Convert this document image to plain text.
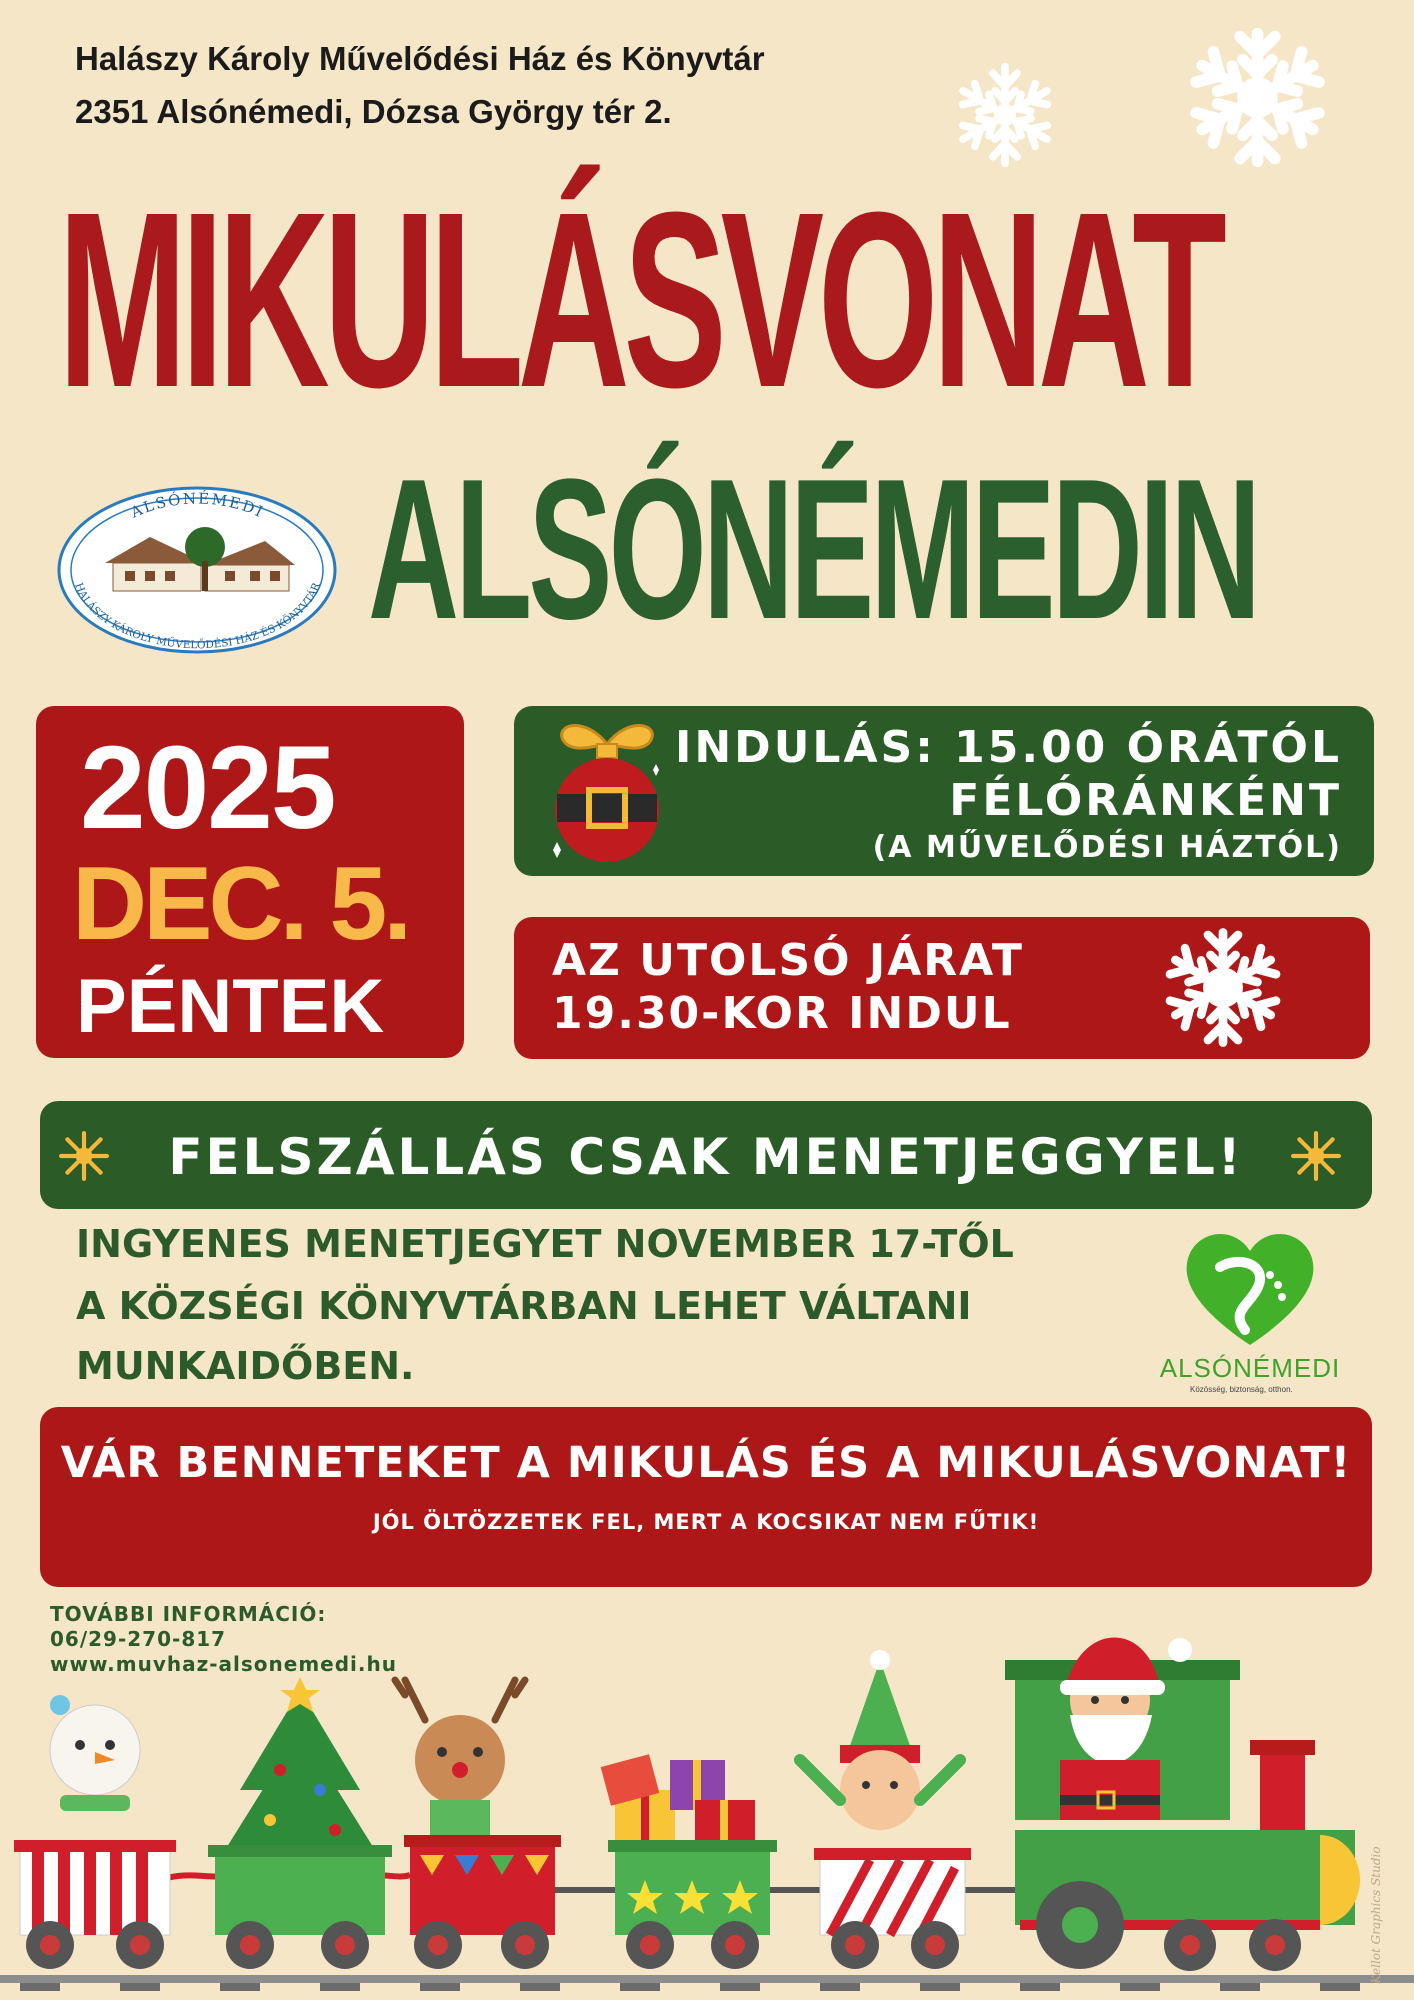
Halászy Károly Művelődési Ház és Könyvtár
2351 Alsónémedi, Dózsa György tér 2.
MIKULÁSVONAT
ALSÓNÉMEDIN
ALSÓNÉMEDI
HALÁSZY KÁROLY MŰVELŐDÉSI HÁZ ÉS KÖNYVTÁR
2025
DEC. 5.
PÉNTEK
INDULÁS: 15.00 ÓRÁTÓL
FÉLÓRÁNKÉNT
(A MŰVELŐDÉSI HÁZTÓL)
AZ UTOLSÓ JÁRAT
19.30-KOR INDUL
FELSZÁLLÁS CSAK MENETJEGGYEL!
INGYENES MENETJEGYET NOVEMBER 17-TŐL
A KÖZSÉGI KÖNYVTÁRBAN LEHET VÁLTANI
MUNKAIDŐBEN.	ALSÓNÉMEDI
Közösség, biztonság, otthon.
VÁR BENNETEKET A MIKULÁS ÉS A MIKULÁSVONAT!
JÓL ÖLTÖZZETEK FEL, MERT A KOCSIKAT NEM FŰTIK!
TOVÁBBI INFORMÁCIÓ:
06/29-270-817
www.muvhaz-alsonemedi.hu
Kellot Graphics Studio
